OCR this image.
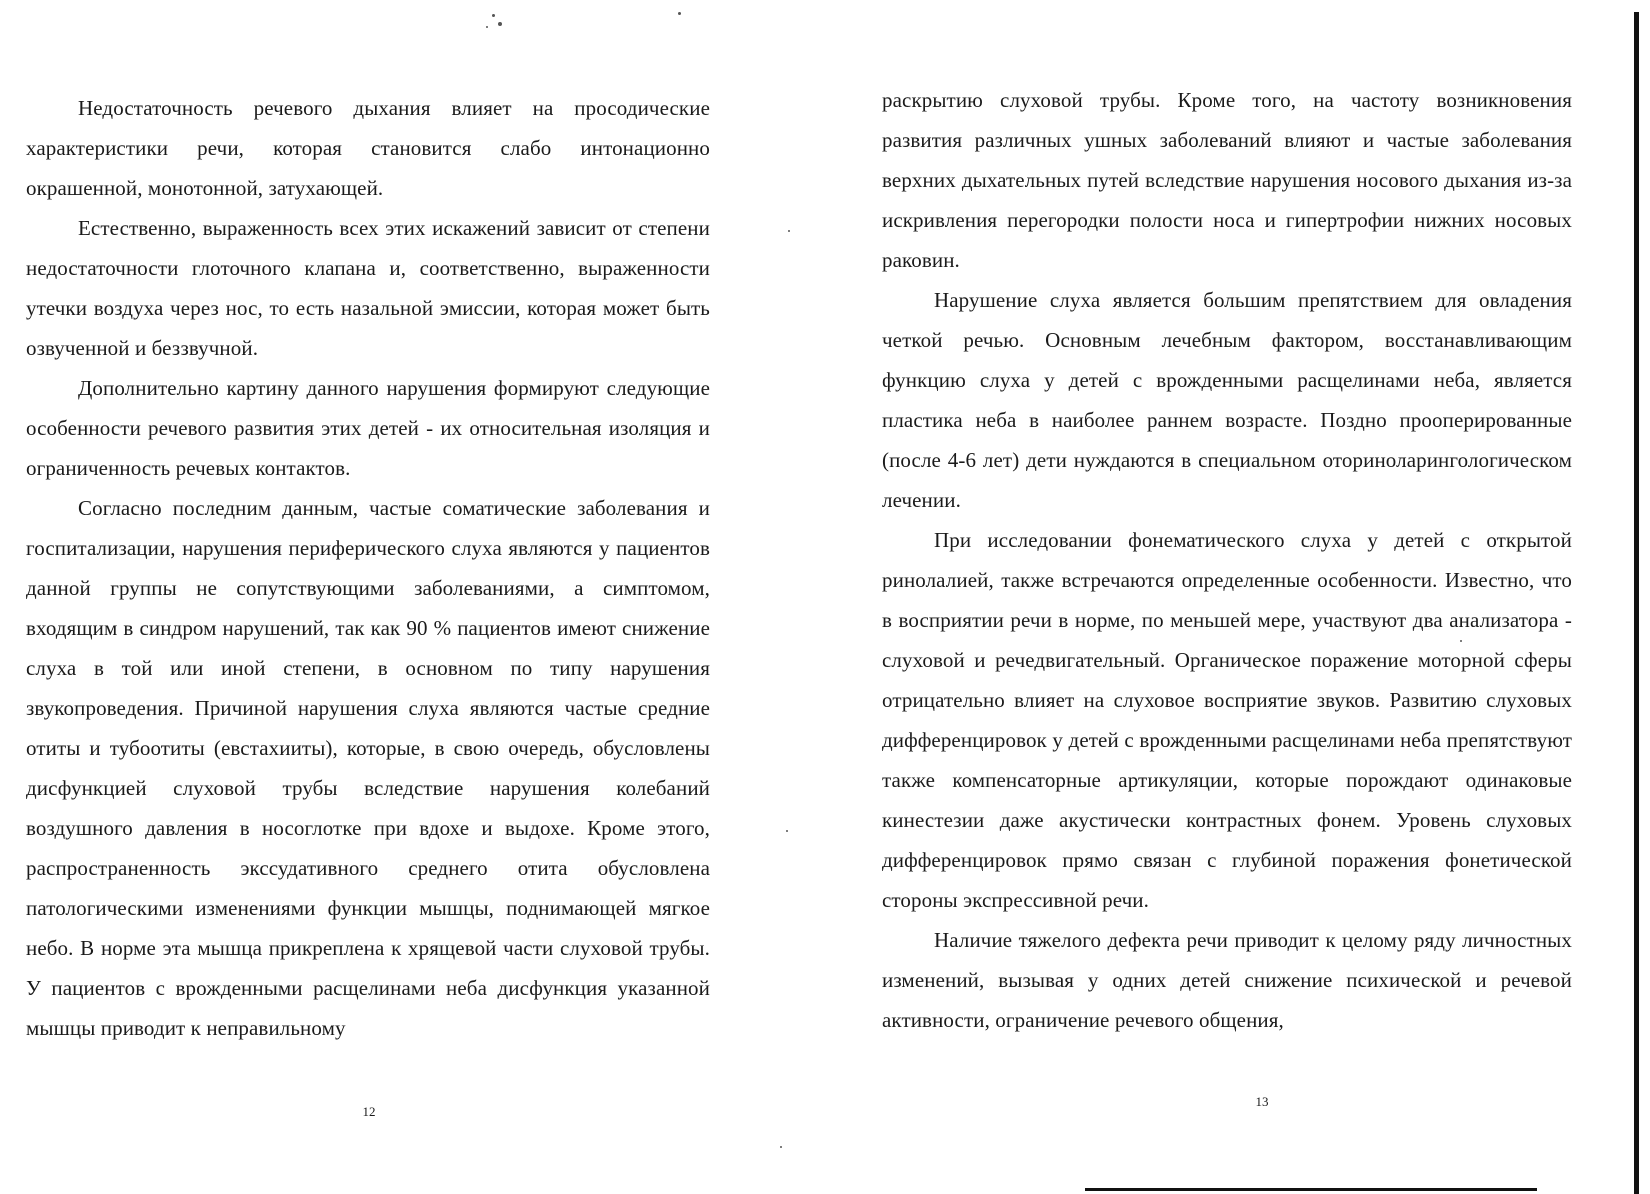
Недостаточность речевого дыхания влияет на просодические характеристики речи, которая становится слабо интонационно окрашенной, монотонной, затухающей.

Естественно, выраженность всех этих искажений зависит от степени недостаточности глоточного клапана и, соответственно, выраженности утечки воздуха через нос, то есть назальной эмиссии, которая может быть озвученной и беззвучной.

Дополнительно картину данного нарушения формируют следующие особенности речевого развития этих детей - их относительная изоляция и ограниченность речевых контактов.

Согласно последним данным, частые соматические заболевания и госпитализации, нарушения периферического слуха являются у пациентов данной группы не сопутствующими заболеваниями, а симптомом, входящим в синдром нарушений, так как 90 % пациентов имеют снижение слуха в той или иной степени, в основном по типу нарушения звукопроведения. Причиной нарушения слуха являются частые средние отиты и тубоотиты (евстахииты), которые, в свою очередь, обусловлены дисфункцией слуховой трубы вследствие нарушения колебаний воздушного давления в носоглотке при вдохе и выдохе. Кроме этого, распространенность экссудативного среднего отита обусловлена патологическими изменениями функции мышцы, поднимающей мягкое небо. В норме эта мышца прикреплена к хрящевой части слуховой трубы. У пациентов с врожденными расщелинами неба дисфункция указанной мышцы приводит к неправильному

12

раскрытию слуховой трубы. Кроме того, на частоту возникновения развития различных ушных заболеваний влияют и частые заболевания верхних дыхательных путей вследствие нарушения носового дыхания из-за искривления перегородки полости носа и гипертрофии нижних носовых раковин.

Нарушение слуха является большим препятствием для овладения четкой речью. Основным лечебным фактором, восстанавливающим функцию слуха у детей с врожденными расщелинами неба, является пластика неба в наиболее раннем возрасте. Поздно прооперированные (после 4-6 лет) дети нуждаются в специальном оториноларингологическом лечении.

При исследовании фонематического слуха у детей с открытой ринолалией, также встречаются определенные особенности. Известно, что в восприятии речи в норме, по меньшей мере, участвуют два анализатора - слуховой и речедвигательный. Органическое поражение моторной сферы отрицательно влияет на слуховое восприятие звуков. Развитию слуховых дифференцировок у детей с врожденными расщелинами неба препятствуют также компенсаторные артикуляции, которые порождают одинаковые кинестезии даже акустически контрастных фонем. Уровень слуховых дифференцировок прямо связан с глубиной поражения фонетической стороны экспрессивной речи.

Наличие тяжелого дефекта речи приводит к целому ряду личностных изменений, вызывая у одних детей снижение психической и речевой активности, ограничение речевого общения,

13
